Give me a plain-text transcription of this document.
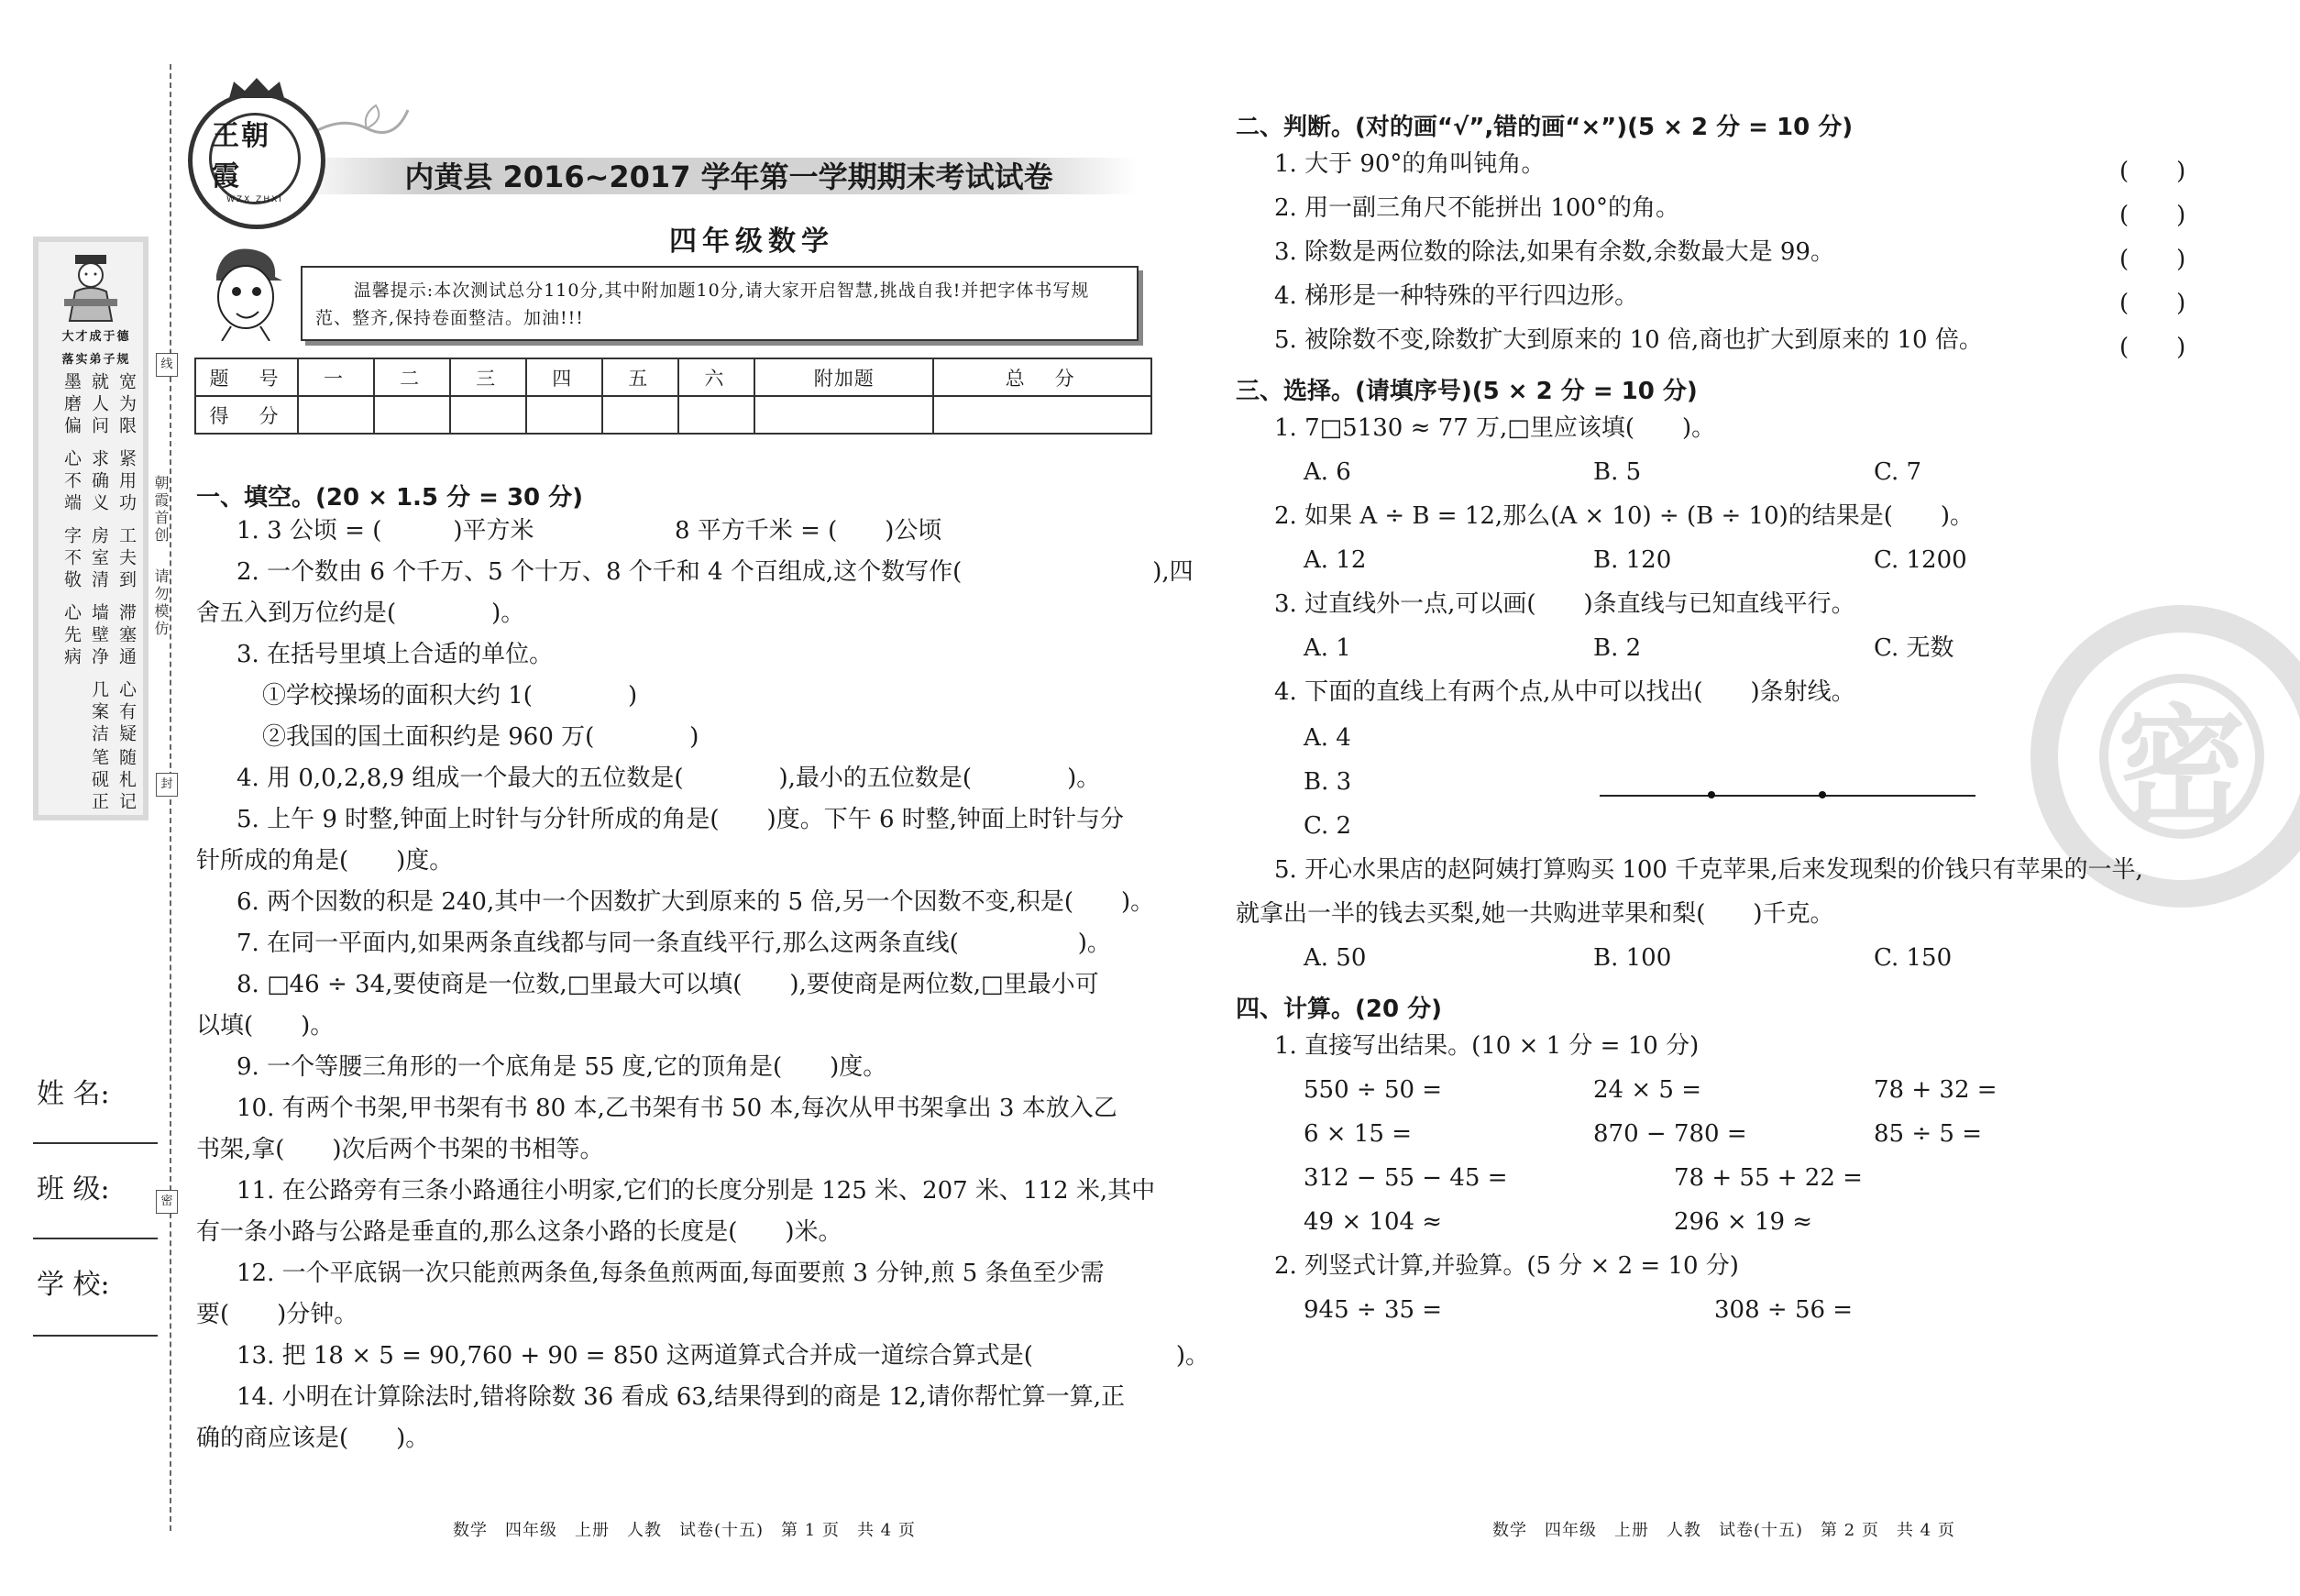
大才成于德
落实弟子规
宽为限
紧用功
工夫到
滞塞通
心有疑
随札记
就人问
求确义
房室清
墙壁净
几案洁
笔砚正
墨磨偏
心不端
字不敬
心先病
朝霞首创
请勿模仿
线
封
密
姓 名:
班 级:
学 校:
王朝霞
WZX ZHXI
内黄县 2016~2017 学年第一学期期末考试试卷
四年级数学
温馨提示:本次测试总分110分,其中附加题10分,请大家开启智慧,挑战自我!并把字体书写规范、整齐,保持卷面整洁。加油!!!
题　号	一	二	三	四	五	六	附加题	总　分
得　分								
一、填空。(20 × 1.5 分 = 30 分)
1. 3 公顷 = (　　　)平方米	8 平方千米 = (　　)公顷
2. 一个数由 6 个千万、5 个十万、8 个千和 4 个百组成,这个数写作(　　　　　　　　),四
舍五入到万位约是(　　　　)。
3. 在括号里填上合适的单位。
①学校操场的面积大约 1(　　　　)
②我国的国土面积约是 960 万(　　　　)
4. 用 0,0,2,8,9 组成一个最大的五位数是(　　　　),最小的五位数是(　　　　)。
5. 上午 9 时整,钟面上时针与分针所成的角是(　　)度。下午 6 时整,钟面上时针与分
针所成的角是(　　)度。
6. 两个因数的积是 240,其中一个因数扩大到原来的 5 倍,另一个因数不变,积是(　　)。
7. 在同一平面内,如果两条直线都与同一条直线平行,那么这两条直线(　　　　　)。
8. □46 ÷ 34,要使商是一位数,□里最大可以填(　　),要使商是两位数,□里最小可
以填(　　)。
9. 一个等腰三角形的一个底角是 55 度,它的顶角是(　　)度。
10. 有两个书架,甲书架有书 80 本,乙书架有书 50 本,每次从甲书架拿出 3 本放入乙
书架,拿(　　)次后两个书架的书相等。
11. 在公路旁有三条小路通往小明家,它们的长度分别是 125 米、207 米、112 米,其中
有一条小路与公路是垂直的,那么这条小路的长度是(　　)米。
12. 一个平底锅一次只能煎两条鱼,每条鱼煎两面,每面要煎 3 分钟,煎 5 条鱼至少需
要(　　)分钟。
13. 把 18 × 5 = 90,760 + 90 = 850 这两道算式合并成一道综合算式是(　　　　　　)。
14. 小明在计算除法时,错将除数 36 看成 63,结果得到的商是 12,请你帮忙算一算,正
确的商应该是(　　)。
数学　四年级　上册　人教　试卷(十五)　第 1 页　共 4 页
密
二、判断。(对的画“√”,错的画“×”)(5 × 2 分 = 10 分)
1. 大于 90°的角叫钝角。	(　　)
2. 用一副三角尺不能拼出 100°的角。	(　　)
3. 除数是两位数的除法,如果有余数,余数最大是 99。	(　　)
4. 梯形是一种特殊的平行四边形。	(　　)
5. 被除数不变,除数扩大到原来的 10 倍,商也扩大到原来的 10 倍。	(　　)
三、选择。(请填序号)(5 × 2 分 = 10 分)
1. 7□5130 ≈ 77 万,□里应该填(　　)。
A. 6	B. 5	C. 7
2. 如果 A ÷ B = 12,那么(A × 10) ÷ (B ÷ 10)的结果是(　　)。
A. 12	B. 120	C. 1200
3. 过直线外一点,可以画(　　)条直线与已知直线平行。
A. 1	B. 2	C. 无数
4. 下面的直线上有两个点,从中可以找出(　　)条射线。
A. 4
B. 3
C. 2
5. 开心水果店的赵阿姨打算购买 100 千克苹果,后来发现梨的价钱只有苹果的一半,
就拿出一半的钱去买梨,她一共购进苹果和梨(　　)千克。
A. 50	B. 100	C. 150
四、计算。(20 分)
1. 直接写出结果。(10 × 1 分 = 10 分)
550 ÷ 50 =	24 × 5 =	78 + 32 =
6 × 15 =	870 − 780 =	85 ÷ 5 =
312 − 55 − 45 =	78 + 55 + 22 =
49 × 104 ≈	296 × 19 ≈
2. 列竖式计算,并验算。(5 分 × 2 = 10 分)
945 ÷ 35 =	308 ÷ 56 =
数学　四年级　上册　人教　试卷(十五)　第 2 页　共 4 页
